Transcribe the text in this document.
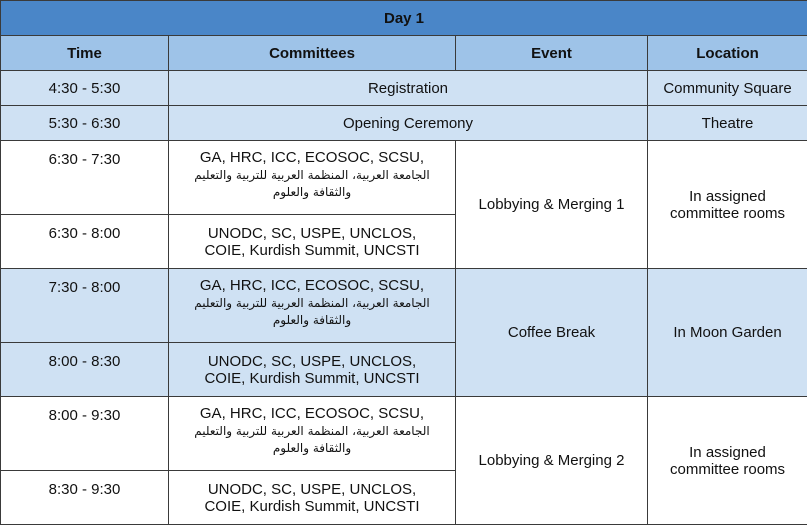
Day 1			
Time	Committees	Event	Location
4:30 - 5:30	Registration		Community Square
5:30 - 6:30	Opening Ceremony		Theatre
6:30 - 7:30	GA, HRC, ICC, ECOSOC, SCSU,
الجامعة العربية، المنظمة العربية للتربية والتعليم
والثقافة والعلوم	Lobbying & Merging 1	In assigned
committee rooms
6:30 - 8:00	UNODC, SC, USPE, UNCLOS,
COIE, Kurdish Summit, UNCSTI		
7:30 - 8:00	GA, HRC, ICC, ECOSOC, SCSU,
الجامعة العربية، المنظمة العربية للتربية والتعليم
والثقافة والعلوم	Coffee Break	In Moon Garden
8:00 - 8:30	UNODC, SC, USPE, UNCLOS,
COIE, Kurdish Summit, UNCSTI		
8:00 - 9:30	GA, HRC, ICC, ECOSOC, SCSU,
الجامعة العربية، المنظمة العربية للتربية والتعليم
والثقافة والعلوم	Lobbying & Merging 2	In assigned
committee rooms
8:30 - 9:30	UNODC, SC, USPE, UNCLOS,
COIE, Kurdish Summit, UNCSTI		
